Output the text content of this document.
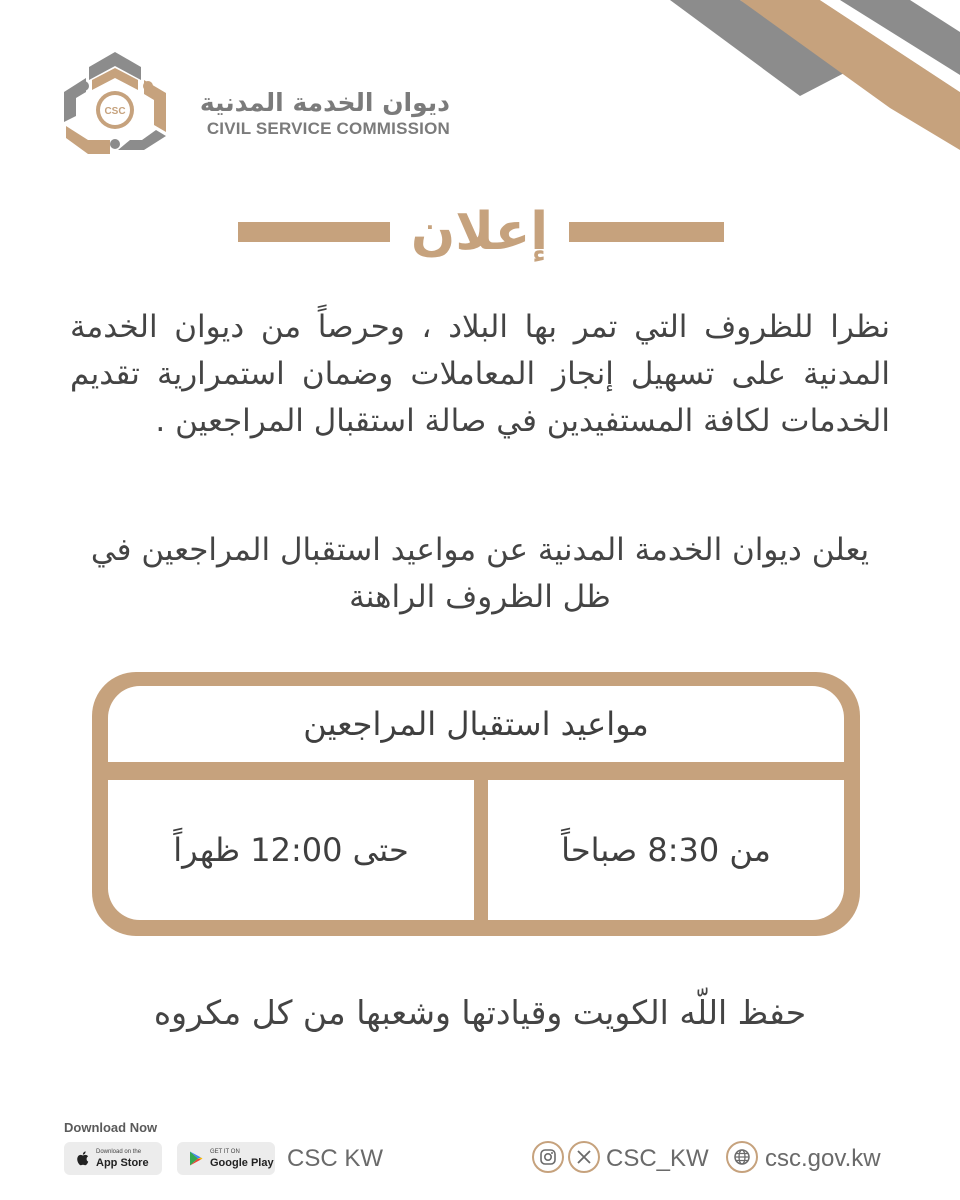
CSC	ديوان الخدمة المدنية
CIVIL SERVICE COMMISSION
إعلان
نظرا للظروف التي تمر بها البلاد ، وحرصاً من ديوان الخدمة المدنية على تسهيل إنجاز المعاملات وضمان استمرارية تقديم الخدمات لكافة المستفيدين في صالة استقبال المراجعين .
يعلن ديوان الخدمة المدنية عن مواعيد استقبال المراجعين في ظل الظروف الراهنة
مواعيد استقبال المراجعين
من 8:30 صباحاً
حتى 12:00 ظهراً
حفظ اللّه الكويت وقيادتها وشعبها من كل مكروه
Download Now
Download on the
App Store
GET IT ON
Google Play CSC KW	CSC_KW csc.gov.kw
